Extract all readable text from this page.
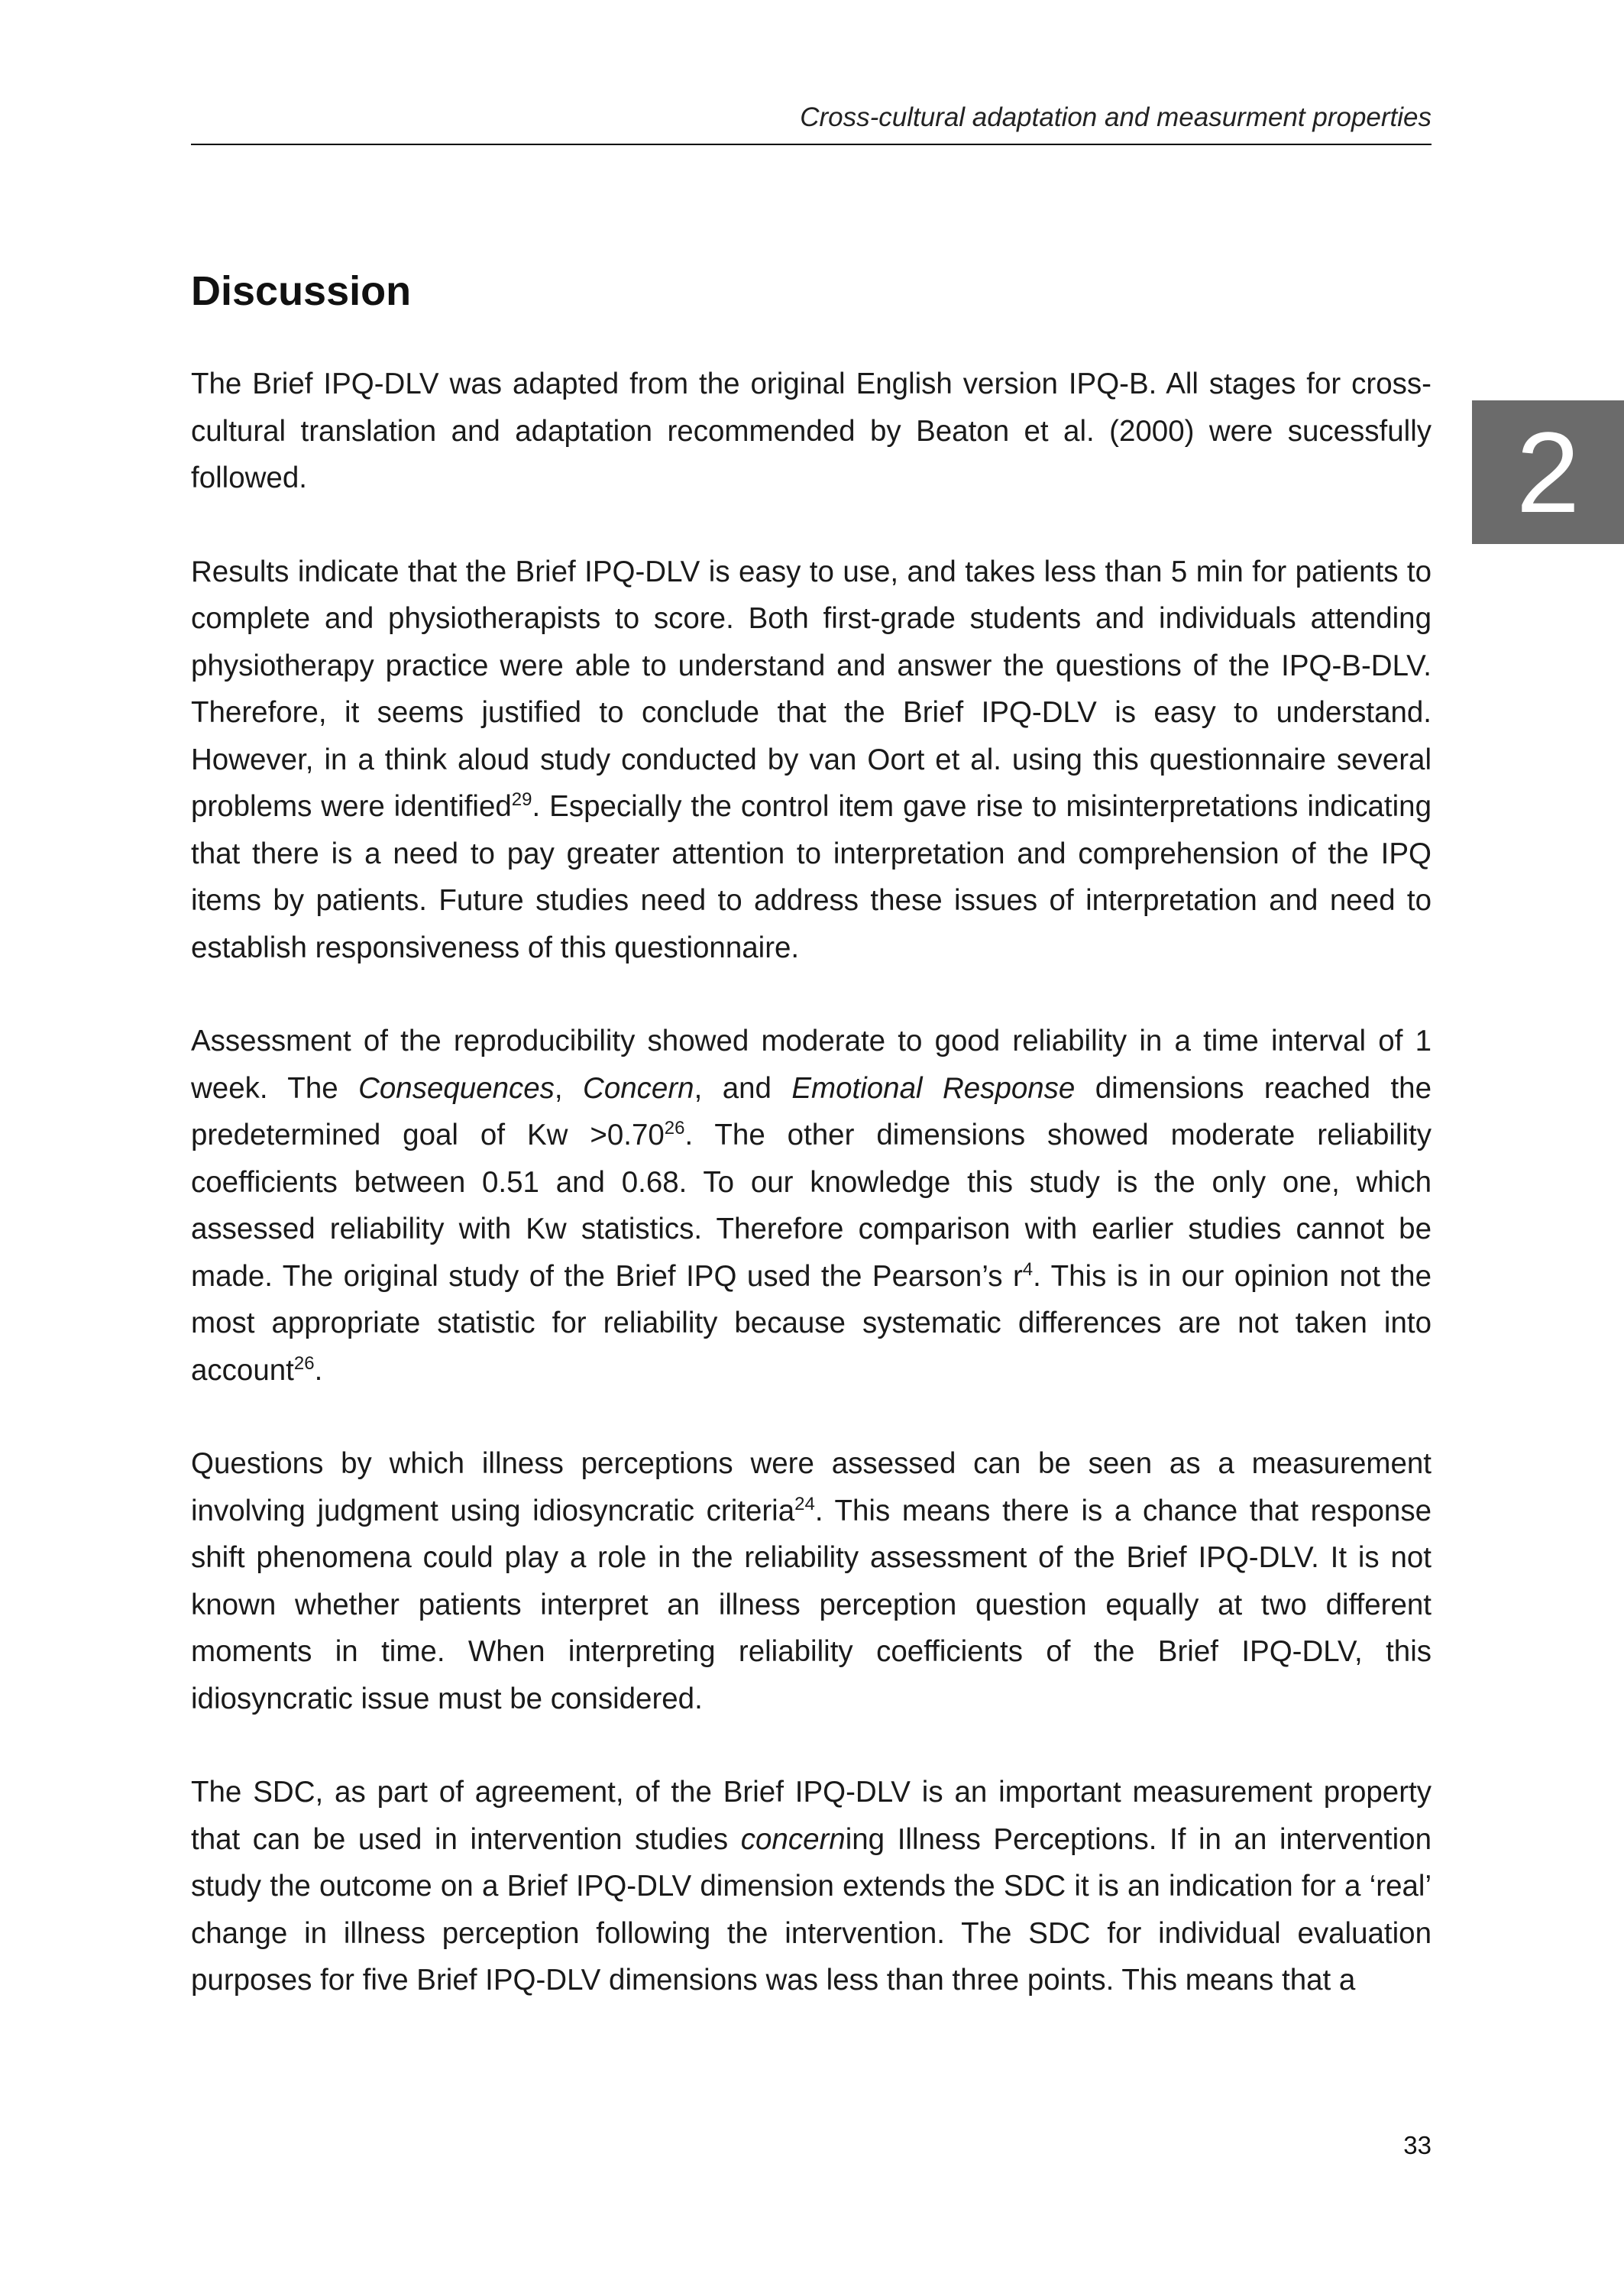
Cross-cultural adaptation and measurment properties
2
Discussion

The Brief IPQ-DLV was adapted from the original English version IPQ-B. All stages for cross-cultural translation and adaptation recommended by Beaton et al. (2000) were sucessfully followed.

Results indicate that the Brief IPQ-DLV is easy to use, and takes less than 5 min for patients to complete and physiotherapists to score. Both first-grade students and individuals attending physiotherapy practice were able to understand and answer the questions of the IPQ-B-DLV. Therefore, it seems justified to conclude that the Brief IPQ-DLV is easy to understand. However, in a think aloud study conducted by van Oort et al. using this questionnaire several problems were identified$^{29}$. Especially the control item gave rise to misinterpretations indicating that there is a need to pay greater attention to interpretation and comprehension of the IPQ items by patients. Future studies need to address these issues of interpretation and need to establish responsiveness of this questionnaire.

Assessment of the reproducibility showed moderate to good reliability in a time interval of 1 week. The Consequences, Concern, and Emotional Response dimensions reached the predetermined goal of $Kw >0.70^{26}$. The other dimensions showed moderate reliability coefficients between 0.51 and 0.68. To our knowledge this study is the only one, which assessed reliability with Kw statistics. Therefore comparison with earlier studies cannot be made. The original study of the Brief IPQ used the Pearson’s $r^4$. This is in our opinion not the most appropriate statistic for reliability because systematic differences are not taken into account$^{26}$.

Questions by which illness perceptions were assessed can be seen as a measurement involving judgment using idiosyncratic criteria$^{24}$. This means there is a chance that response shift phenomena could play a role in the reliability assessment of the Brief IPQ-DLV. It is not known whether patients interpret an illness perception question equally at two different moments in time. When interpreting reliability coefficients of the Brief IPQ-DLV, this idiosyncratic issue must be considered.

The SDC, as part of agreement, of the Brief IPQ-DLV is an important measurement property that can be used in intervention studies concerning Illness Perceptions. If in an intervention study the outcome on a Brief IPQ-DLV dimension extends the SDC it is an indication for a ‘real’ change in illness perception following the intervention. The SDC for individual evaluation purposes for five Brief IPQ-DLV dimensions was less than three points. This means that a

33
